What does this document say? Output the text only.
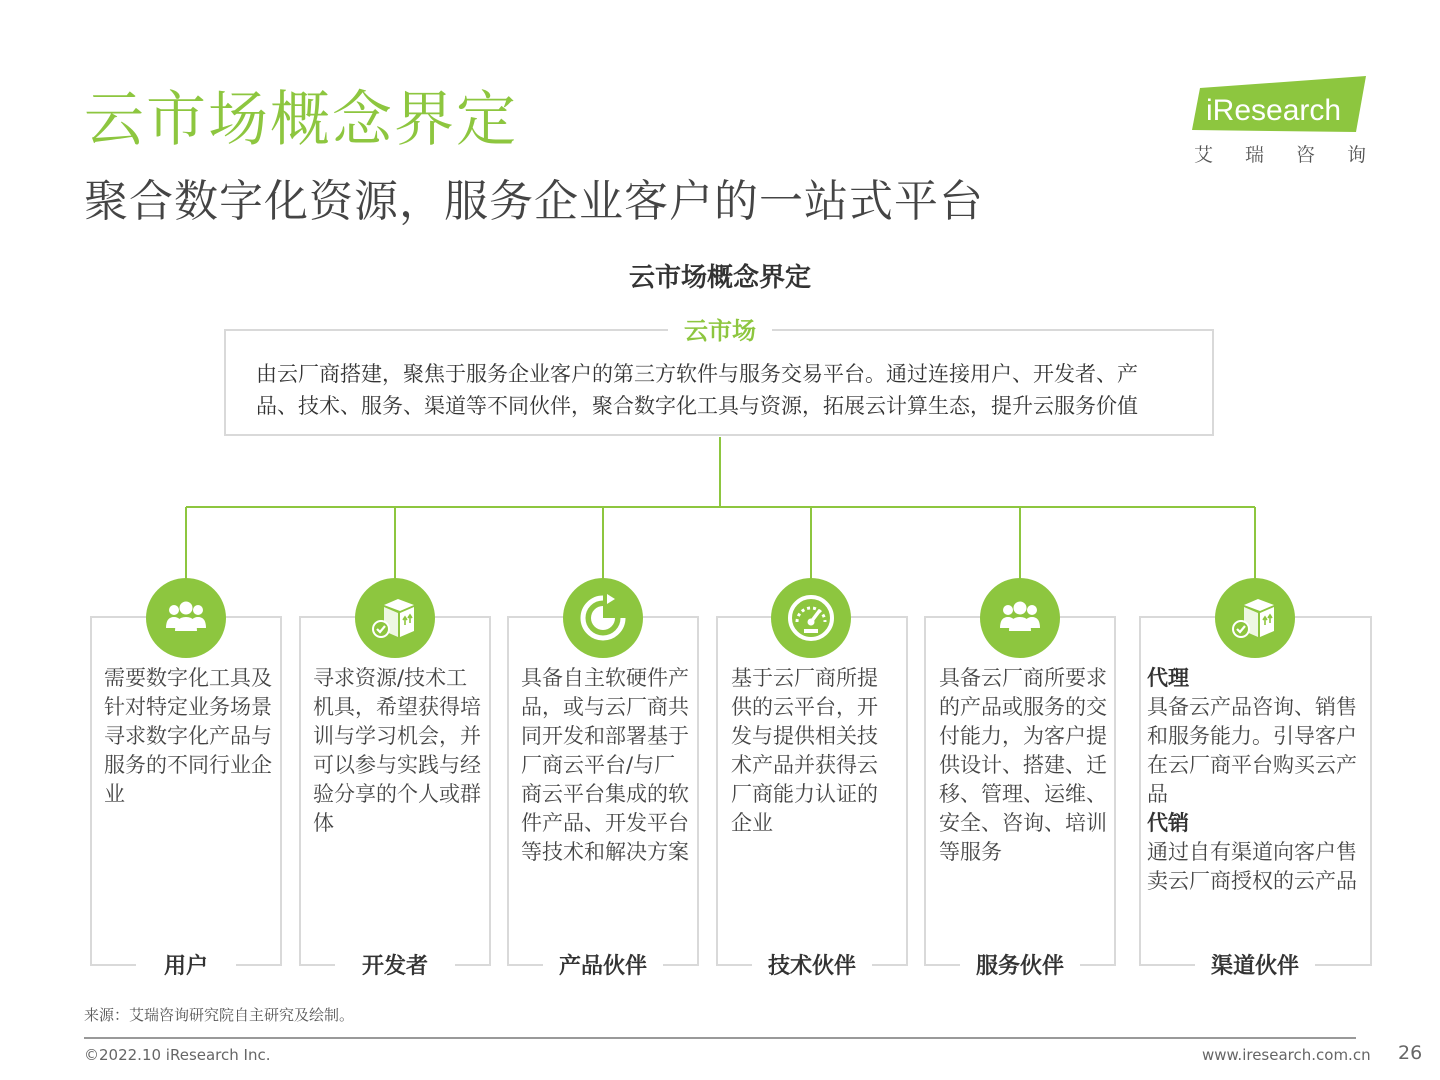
云市场概念界定
聚合数字化资源，服务企业客户的一站式平台
iResearch
艾 瑞 咨 询
云市场概念界定
云市场
由云厂商搭建，聚焦于服务企业客户的第三方软件与服务交易平台。通过连接用户、开发者、产
品、技术、服务、渠道等不同伙伴，聚合数字化工具与资源，拓展云计算生态，提升云服务价值

需要数字化工具及

针对特定业务场景

寻求数字化产品与

服务的不同行业企

业

寻求资源/技术工

机具，希望获得培

训与学习机会，并

可以参与实践与经

验分享的个人或群

体

具备自主软硬件产

品，或与云厂商共

同开发和部署基于

厂商云平台/与厂

商云平台集成的软

件产品、开发平台

等技术和解决方案

基于云厂商所提

供的云平台，开

发与提供相关技

术产品并获得云

厂商能力认证的

企业

具备云厂商所要求

的产品或服务的交

付能力，为客户提

供设计、搭建、迁

移、管理、运维、

安全、咨询、培训

等服务

代理

具备云产品咨询、销售

和服务能力。引导客户

在云厂商平台购买云产

品

代销

通过自有渠道向客户售

卖云厂商授权的云产品

用户	开发者	产品伙伴	技术伙伴	服务伙伴	渠道伙伴
来源：艾瑞咨询研究院自主研究及绘制。
©2022.10 iResearch Inc.	www.iresearch.com.cn 26
